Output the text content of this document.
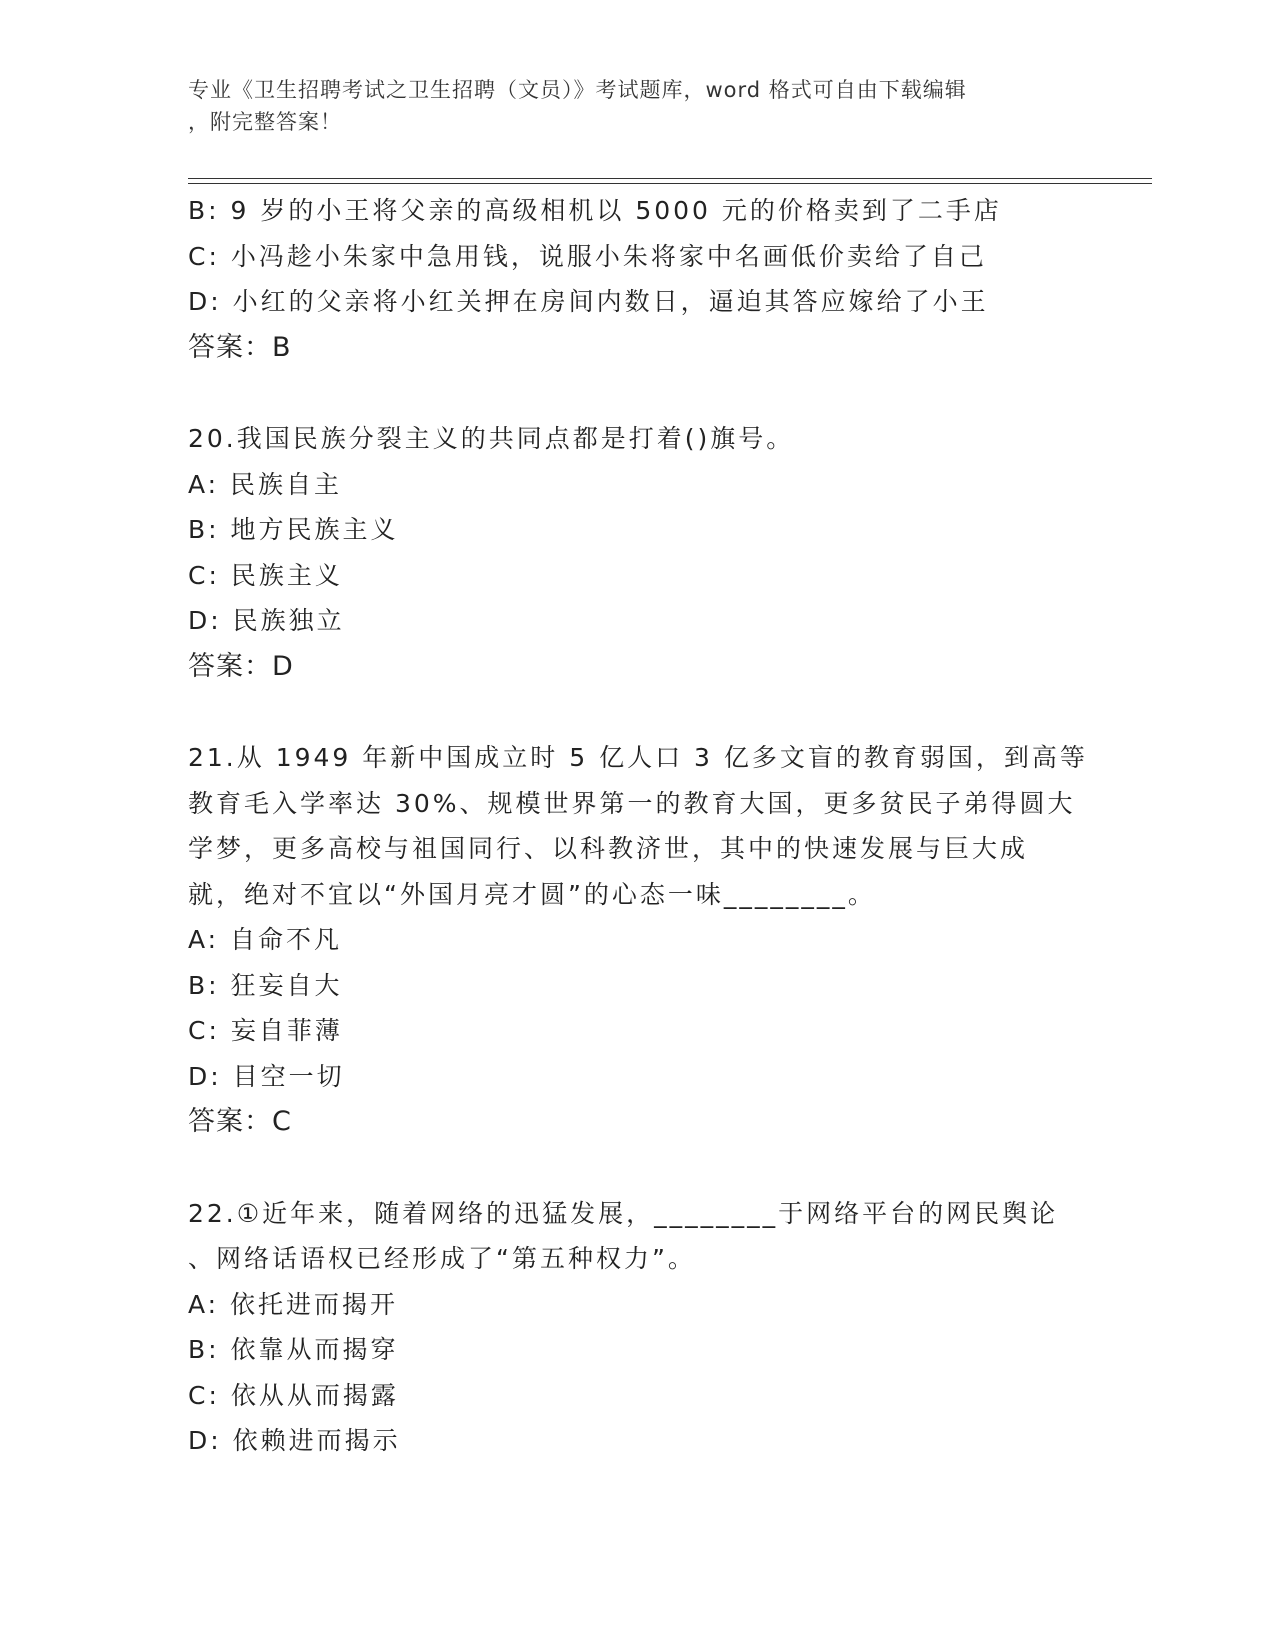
专业《卫生招聘考试之卫生招聘（文员）》考试题库，word 格式可自由下载编辑
，附完整答案！
B: 9 岁的小王将父亲的高级相机以 5000 元的价格卖到了二手店
C: 小冯趁小朱家中急用钱，说服小朱将家中名画低价卖给了自己
D: 小红的父亲将小红关押在房间内数日，逼迫其答应嫁给了小王
答案：B
20.我国民族分裂主义的共同点都是打着()旗号。
A: 民族自主
B: 地方民族主义
C: 民族主义
D: 民族独立
答案：D
21.从 1949 年新中国成立时 5 亿人口 3 亿多文盲的教育弱国，到高等
教育毛入学率达 30%、规模世界第一的教育大国，更多贫民子弟得圆大
学梦，更多高校与祖国同行、以科教济世，其中的快速发展与巨大成
就，绝对不宜以“外国月亮才圆”的心态一味________。
A: 自命不凡
B: 狂妄自大
C: 妄自菲薄
D: 目空一切
答案：C
22.①近年来，随着网络的迅猛发展，________于网络平台的网民舆论
、网络话语权已经形成了“第五种权力”。
A: 依托进而揭开
B: 依靠从而揭穿
C: 依从从而揭露
D: 依赖进而揭示
